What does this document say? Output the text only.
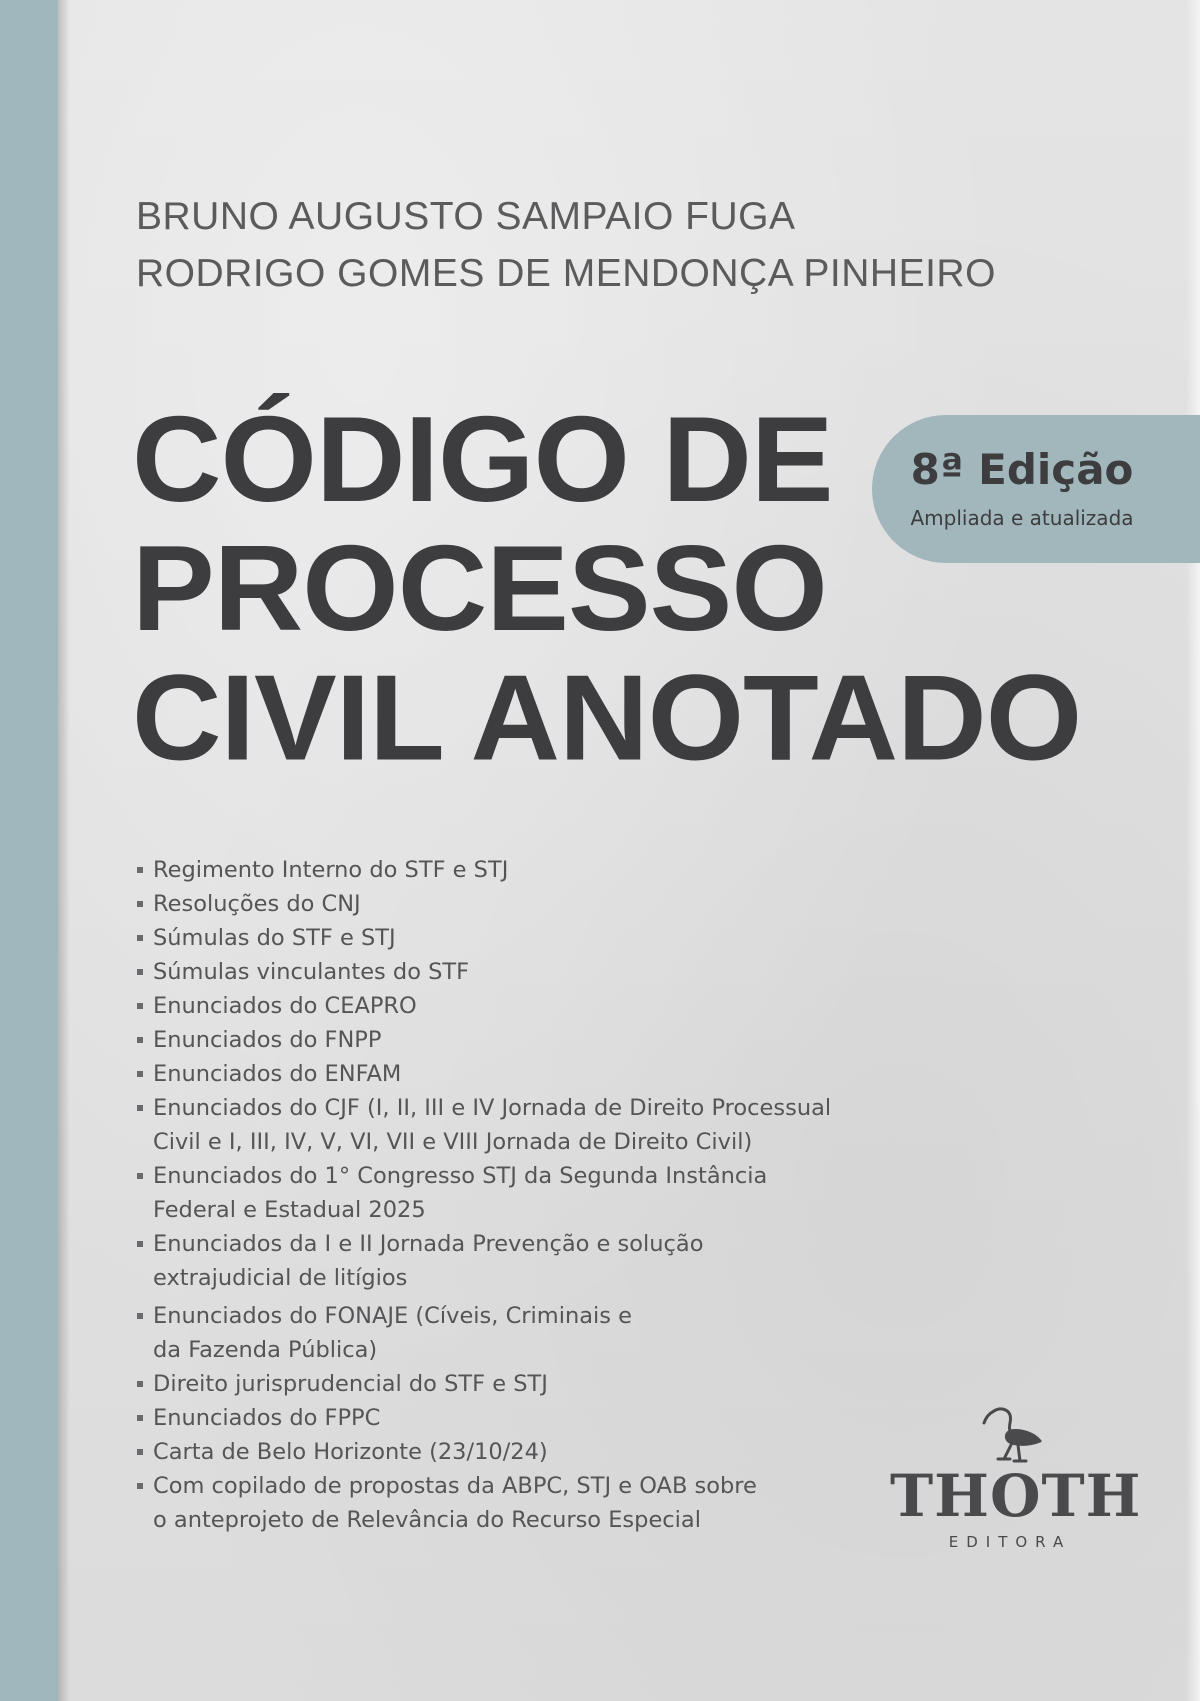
BRUNO AUGUSTO SAMPAIO FUGA
RODRIGO GOMES DE MENDONÇA PINHEIRO
CÓDIGO DE
PROCESSO
CIVIL ANOTADO
8ª Edição
Ampliada e atualizada
Regimento Interno do STF e STJ
Resoluções do CNJ
Súmulas do STF e STJ
Súmulas vinculantes do STF
Enunciados do CEAPRO
Enunciados do FNPP
Enunciados do ENFAM
Enunciados do CJF (I, II, III e IV Jornada de Direito Processual
Civil e I, III, IV, V, VI, VII e VIII Jornada de Direito Civil)
Enunciados do 1° Congresso STJ da Segunda Instância
Federal e Estadual 2025
Enunciados da I e II Jornada Prevenção e solução
extrajudicial de litígios
Enunciados do FONAJE (Cíveis, Criminais e
da Fazenda Pública)
Direito jurisprudencial do STF e STJ
Enunciados do FPPC
Carta de Belo Horizonte (23/10/24)
Com copilado de propostas da ABPC, STJ e OAB sobre
o anteprojeto de Relevância do Recurso Especial	THOTH
EDITORA
